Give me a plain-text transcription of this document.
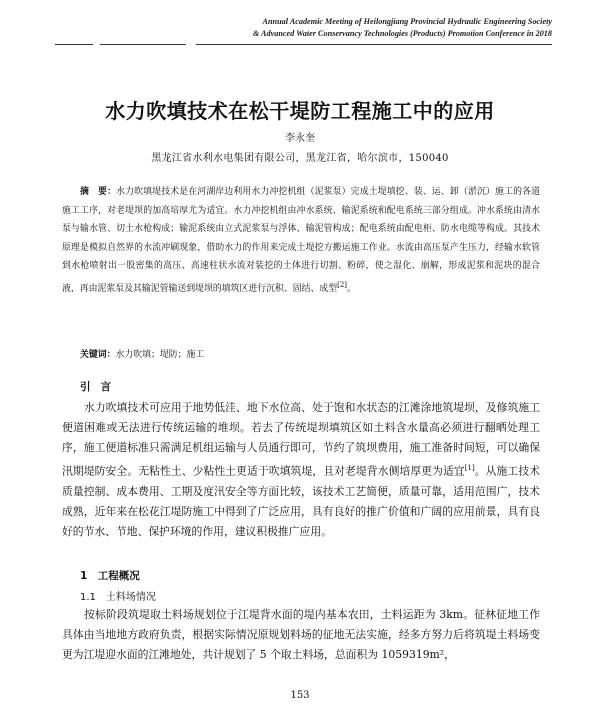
Annual Academic Meeting of Heilongjiang Provincial Hydraulic Engineering Society
& Advanced Water Conservancy Technologies (Products) Promotion Conference in 2018
水力吹填技术在松干堤防工程施工中的应用
李永奎
黑龙江省水利水电集团有限公司，黑龙江省，哈尔滨市，150040
摘　要：水力吹填堤技术是在河湖岸边利用水力冲挖机组（泥浆泵）完成土堤填挖、装、运、卸（淤沉）施工的各道施工工序，对老堤坝的加高培厚尤为适宜。水力冲挖机组由冲水系统、输泥系统和配电系统三部分组成。冲水系统由清水泵与输水管、切土水枪构成；输泥系统由立式泥浆泵与浮体、输泥管构成；配电系统由配电柜、防水电缆等构成。其技术原理是模拟自然界的水流冲刷现象，借助水力的作用来完成土堤挖方搬运施工作业。水流由高压泵产生压力，经输水软管到水枪喷射出一股密集的高压、高速柱状水流对装挖的土体进行切割、粉碎，使之湿化、崩解，形成泥浆和泥块的混合液，再由泥浆泵及其输泥管输送到堤坝的填筑区进行沉积、固结、成型[2]。
关键词：水力吹填；堤防；施工
引言

水力吹填技术可应用于地势低洼、地下水位高、处于饱和水状态的江滩涂地筑堤坝，及修筑施工便道困难或无法进行传统运输的堆坝。若去了传统堤坝填筑区如土料含水量高必须进行翻晒处理工序，施工便道标准只需满足机组运输与人员通行即可，节约了筑坝费用，施工准备时间短，可以确保汛期堤防安全。无粘性土、少粘性土更适于吹填筑堤，且对老堤背水侧培厚更为适宜[1]。从施工技术质量控制、成本费用、工期及度汛安全等方面比较，该技术工艺简便，质量可靠，适用范围广，技术成熟，近年来在松花江堤防施工中得到了广泛应用，具有良好的推广价值和广阔的应用前景，具有良好的节水、节地、保护环境的作用，建议积极推广应用。

1　工程概况
1.1　土料场情况

按标阶段筑堤取土料场规划位于江堤背水面的堤内基本农田，土料运距为 3km。征林征地工作具体由当地地方政府负责，根据实际情况原规划料场的征地无法实施，经多方努力后将筑堤土料场变更为江堤迎水面的江滩地处，共计规划了 5 个取土料场，总面积为 1059319m²，

153
